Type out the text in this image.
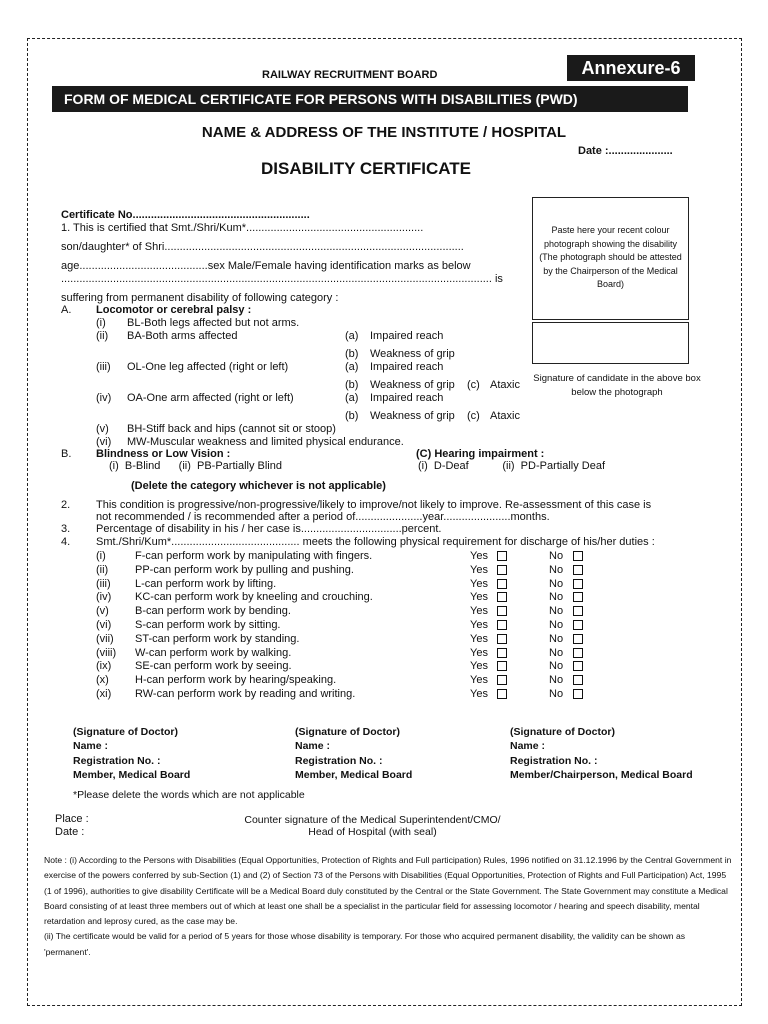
Annexure-6
RAILWAY RECRUITMENT BOARD
FORM OF MEDICAL CERTIFICATE FOR PERSONS WITH DISABILITIES (PWD)
NAME & ADDRESS OF THE INSTITUTE / HOSPITAL
Date :.....................
DISABILITY CERTIFICATE
Paste here your recent colour photograph showing the disability (The photograph should be attested by the Chairperson of the Medical Board)
Signature of candidate in the above box below the photograph
Certificate No..........................................................
1. This is certified that Smt./Shri/Kum*..........................................................
son/daughter* of Shri..................................................................................................
age..........................................sex Male/Female having identification marks as below
............................................................................................................................................. is
suffering from permanent disability of following category :
A. Locomotor or cerebral palsy :
(i) BL-Both legs affected but not arms.
(ii) BA-Both arms affected	(a) Impaired reach
(b) Weakness of grip
(iii) OL-One leg affected (right or left)	(a) Impaired reach
(b) Weakness of grip (c) Ataxic
(iv) OA-One arm affected (right or left)	(a) Impaired reach
(b) Weakness of grip (c) Ataxic
(v) BH-Stiff back and hips (cannot sit or stoop)
(vi) MW-Muscular weakness and limited physical endurance.
B. Blindness or Low Vision :	(C) Hearing impairment :
(i)  B-Blind      (ii)  PB-Partially Blind	(i)  D-Deaf           (ii)  PD-Partially Deaf
(Delete the category whichever is not applicable)
2. This condition is progressive/non-progressive/likely to improve/not likely to improve. Re-assessment of this case is
not recommended / is recommended after a period of......................year......................months.
3. Percentage of disability in his / her case is.................................percent.
4. Smt./Shri/Kum*.......................................... meets the following physical requirement for discharge of his/her duties :
(i)	F-can perform work by manipulating with fingers.	Yes	No
(ii) PP-can perform work by pulling and pushing.	Yes	No
(iii) L-can perform work by lifting.	Yes	No
(iv) KC-can perform work by kneeling and crouching.	Yes	No
(v) B-can perform work by bending.	Yes	No
(vi) S-can perform work by sitting.	Yes	No
(vii) ST-can perform work by standing.	Yes	No
(viii) W-can perform work by walking.	Yes	No
(ix) SE-can perform work by seeing.	Yes	No
(x) H-can perform work by hearing/speaking.	Yes	No
(xi) RW-can perform work by reading and writing.	Yes	No
(Signature of Doctor)
Name :
Registration No. :
Member, Medical Board
(Signature of Doctor)
Name :
Registration No. :
Member, Medical Board
(Signature of Doctor)
Name :
Registration No. :
Member/Chairperson, Medical Board
*Please delete the words which are not applicable
Place :
Date :
Counter signature of the Medical Superintendent/CMO/
Head of Hospital (with seal)

Note : (i) According to the Persons with Disabilities (Equal Opportunities, Protection of Rights and Full participation) Rules, 1996 notified on 31.12.1996 by the Central Government in exercise of the powers conferred by sub-Section (1) and (2) of Section 73 of the Persons with Disabilities (Equal Opportunities, Protection of Rights and Full Participation) Act, 1995 (1 of 1996), authorities to give disability Certificate will be a Medical Board duly constituted by the Central or the State Government. The State Government may constitute a Medical Board consisting of at least three members out of which at least one shall be a specialist in the particular field for assessing locomotor / hearing and speech disability, mental retardation and leprosy cured, as the case may be.

(ii) The certificate would be valid for a period of 5 years for those whose disability is temporary. For those who acquired permanent disability, the validity can be shown as 'permanent'.
